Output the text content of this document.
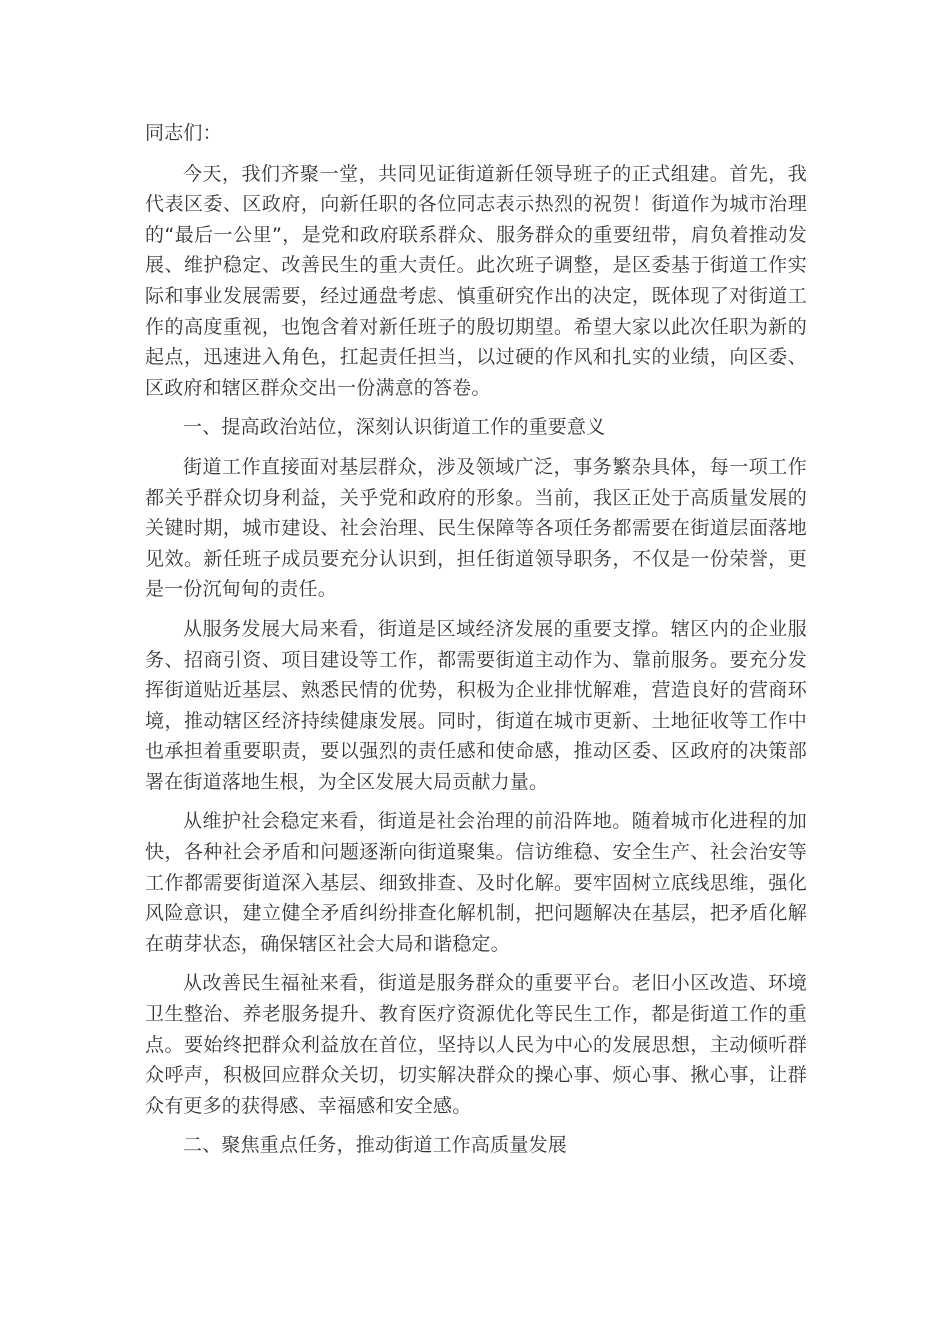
同志们：

今天，我们齐聚一堂，共同见证街道新任领导班子的正式组建。首先，我代表区委、区政府，向新任职的各位同志表示热烈的祝贺！街道作为城市治理的“最后一公里”，是党和政府联系群众、服务群众的重要纽带，肩负着推动发展、维护稳定、改善民生的重大责任。此次班子调整，是区委基于街道工作实际和事业发展需要，经过通盘考虑、慎重研究作出的决定，既体现了对街道工作的高度重视，也饱含着对新任班子的殷切期望。希望大家以此次任职为新的起点，迅速进入角色，扛起责任担当，以过硬的作风和扎实的业绩，向区委、区政府和辖区群众交出一份满意的答卷。

一、提高政治站位，深刻认识街道工作的重要意义

街道工作直接面对基层群众，涉及领域广泛，事务繁杂具体，每一项工作都关乎群众切身利益，关乎党和政府的形象。当前，我区正处于高质量发展的关键时期，城市建设、社会治理、民生保障等各项任务都需要在街道层面落地见效。新任班子成员要充分认识到，担任街道领导职务，不仅是一份荣誉，更是一份沉甸甸的责任。

从服务发展大局来看，街道是区域经济发展的重要支撑。辖区内的企业服务、招商引资、项目建设等工作，都需要街道主动作为、靠前服务。要充分发挥街道贴近基层、熟悉民情的优势，积极为企业排忧解难，营造良好的营商环境，推动辖区经济持续健康发展。同时，街道在城市更新、土地征收等工作中也承担着重要职责，要以强烈的责任感和使命感，推动区委、区政府的决策部署在街道落地生根，为全区发展大局贡献力量。

从维护社会稳定来看，街道是社会治理的前沿阵地。随着城市化进程的加快，各种社会矛盾和问题逐渐向街道聚集。信访维稳、安全生产、社会治安等工作都需要街道深入基层、细致排查、及时化解。要牢固树立底线思维，强化风险意识，建立健全矛盾纠纷排查化解机制，把问题解决在基层，把矛盾化解在萌芽状态，确保辖区社会大局和谐稳定。

从改善民生福祉来看，街道是服务群众的重要平台。老旧小区改造、环境卫生整治、养老服务提升、教育医疗资源优化等民生工作，都是街道工作的重点。要始终把群众利益放在首位，坚持以人民为中心的发展思想，主动倾听群众呼声，积极回应群众关切，切实解决群众的操心事、烦心事、揪心事，让群众有更多的获得感、幸福感和安全感。

二、聚焦重点任务，推动街道工作高质量发展
